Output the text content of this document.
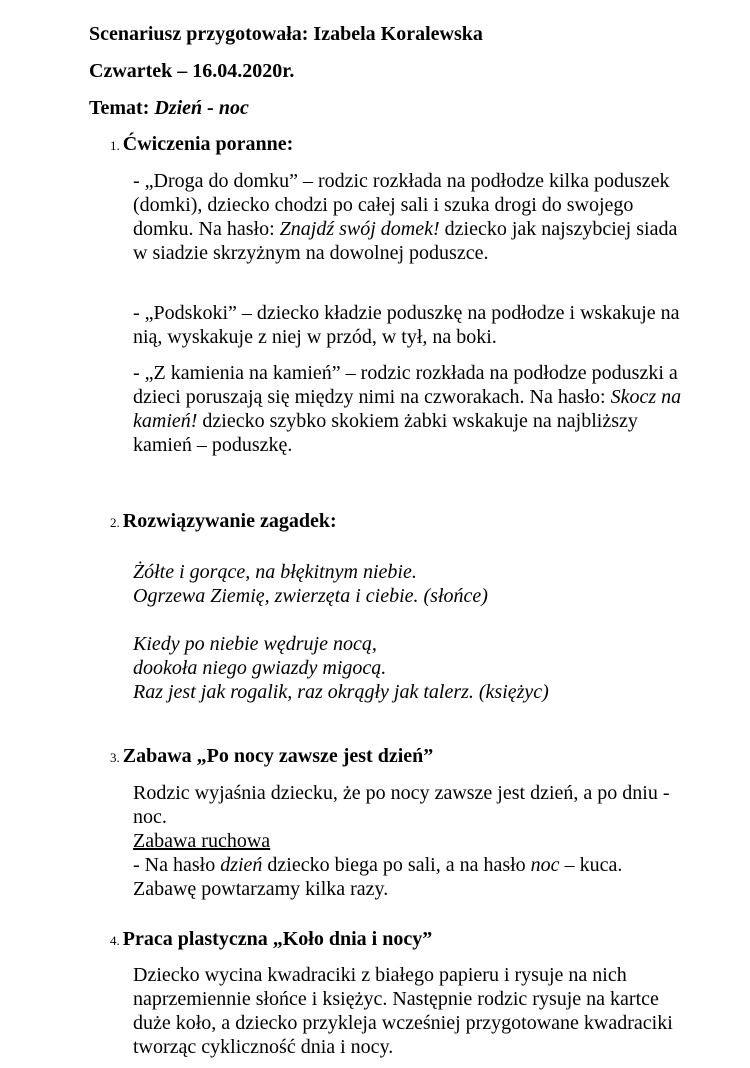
Scenariusz przygotowała: Izabela Koralewska
Czwartek – 16.04.2020r.
Temat: Dzień - noc
1. Ćwiczenia poranne:

- „Droga do domku” – rodzic rozkłada na podłodze kilka poduszek (domki), dziecko chodzi po całej sali i szuka drogi do swojego domku. Na hasło: Znajdź swój domek! dziecko jak najszybciej siada w siadzie skrzyżnym na dowolnej poduszce.

- „Podskoki” – dziecko kładzie poduszkę na podłodze i wskakuje na nią, wyskakuje z niej w przód, w tył, na boki.

- „Z kamienia na kamień” – rodzic rozkłada na podłodze poduszki a dzieci poruszają się między nimi na czworakach. Na hasło: Skocz na kamień! dziecko szybko skokiem żabki wskakuje na najbliższy kamień – poduszkę.

2. Rozwiązywanie zagadek:

Żółte i gorące, na błękitnym niebie.
Ogrzewa Ziemię, zwierzęta i ciebie. (słońce)

Kiedy po niebie wędruje nocą,
dookoła niego gwiazdy migocą.
Raz jest jak rogalik, raz okrągły jak talerz. (księżyc)

3. Zabawa „Po nocy zawsze jest dzień”

Rodzic wyjaśnia dziecku, że po nocy zawsze jest dzień, a po dniu - noc.
Zabawa ruchowa
- Na hasło dzień dziecko biega po sali, a na hasło noc – kuca.
Zabawę powtarzamy kilka razy.

4. Praca plastyczna „Koło dnia i nocy”

Dziecko wycina kwadraciki z białego papieru i rysuje na nich naprzemiennie słońce i księżyc. Następnie rodzic rysuje na kartce duże koło, a dziecko przykleja wcześniej przygotowane kwadraciki tworząc cykliczność dnia i nocy.
